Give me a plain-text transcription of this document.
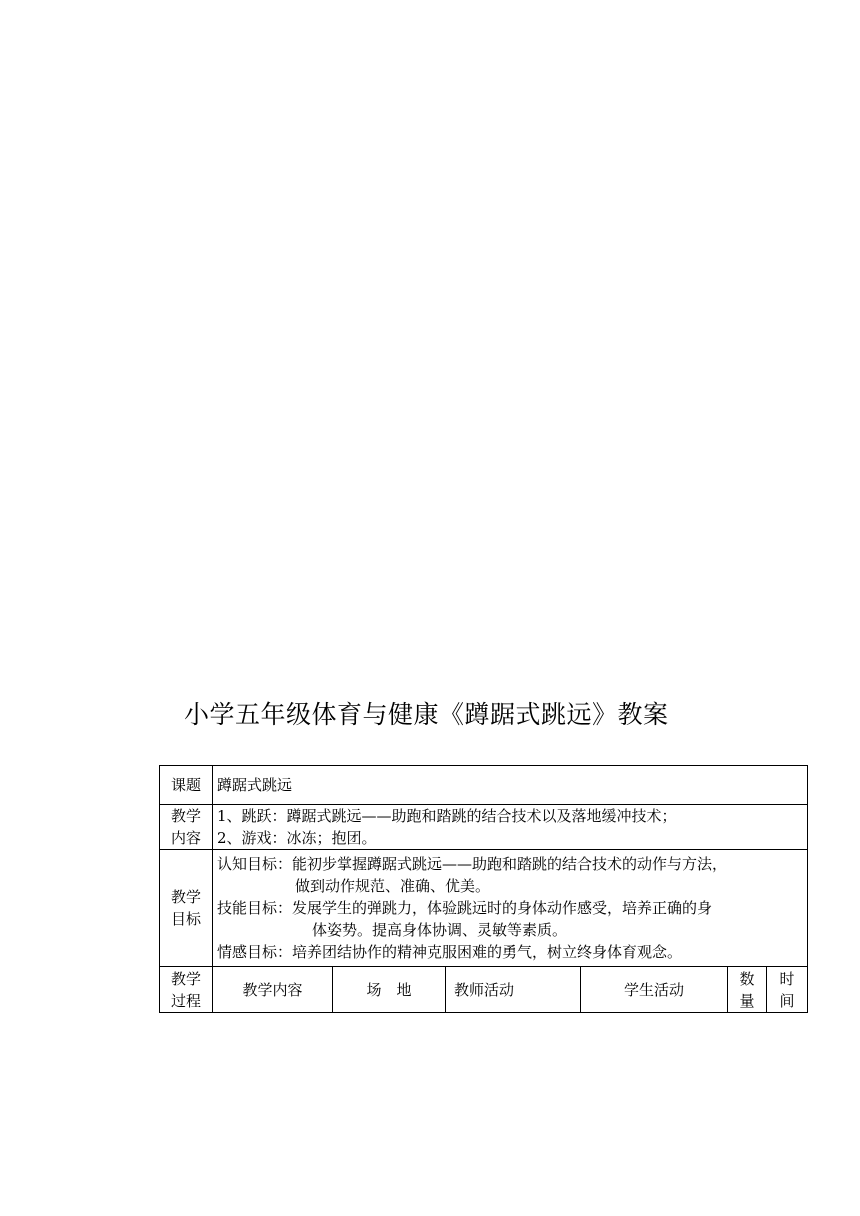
小学五年级体育与健康《蹲踞式跳远》教案
课题	蹲踞式跳远					

教学
内容	1、跳跃：蹲踞式跳远——助跑和踏跳的结合技术以及落地缓冲技术；
2、游戏：冰冻；抱团。					

教学
目标	认知目标：能初步掌握蹲踞式跳远——助跑和踏跳的结合技术的动作与方法，
做到动作规范、准确、优美。
技能目标：发展学生的弹跳力，体验跳远时的身体动作感受，培养正确的身
体姿势。提高身体协调、灵敏等素质。
情感目标：培养团结协作的精神克服困难的勇气，树立终身体育观念。					

教学
过程	教学内容	场　地	教师活动	学生活动	数
量	时
间
